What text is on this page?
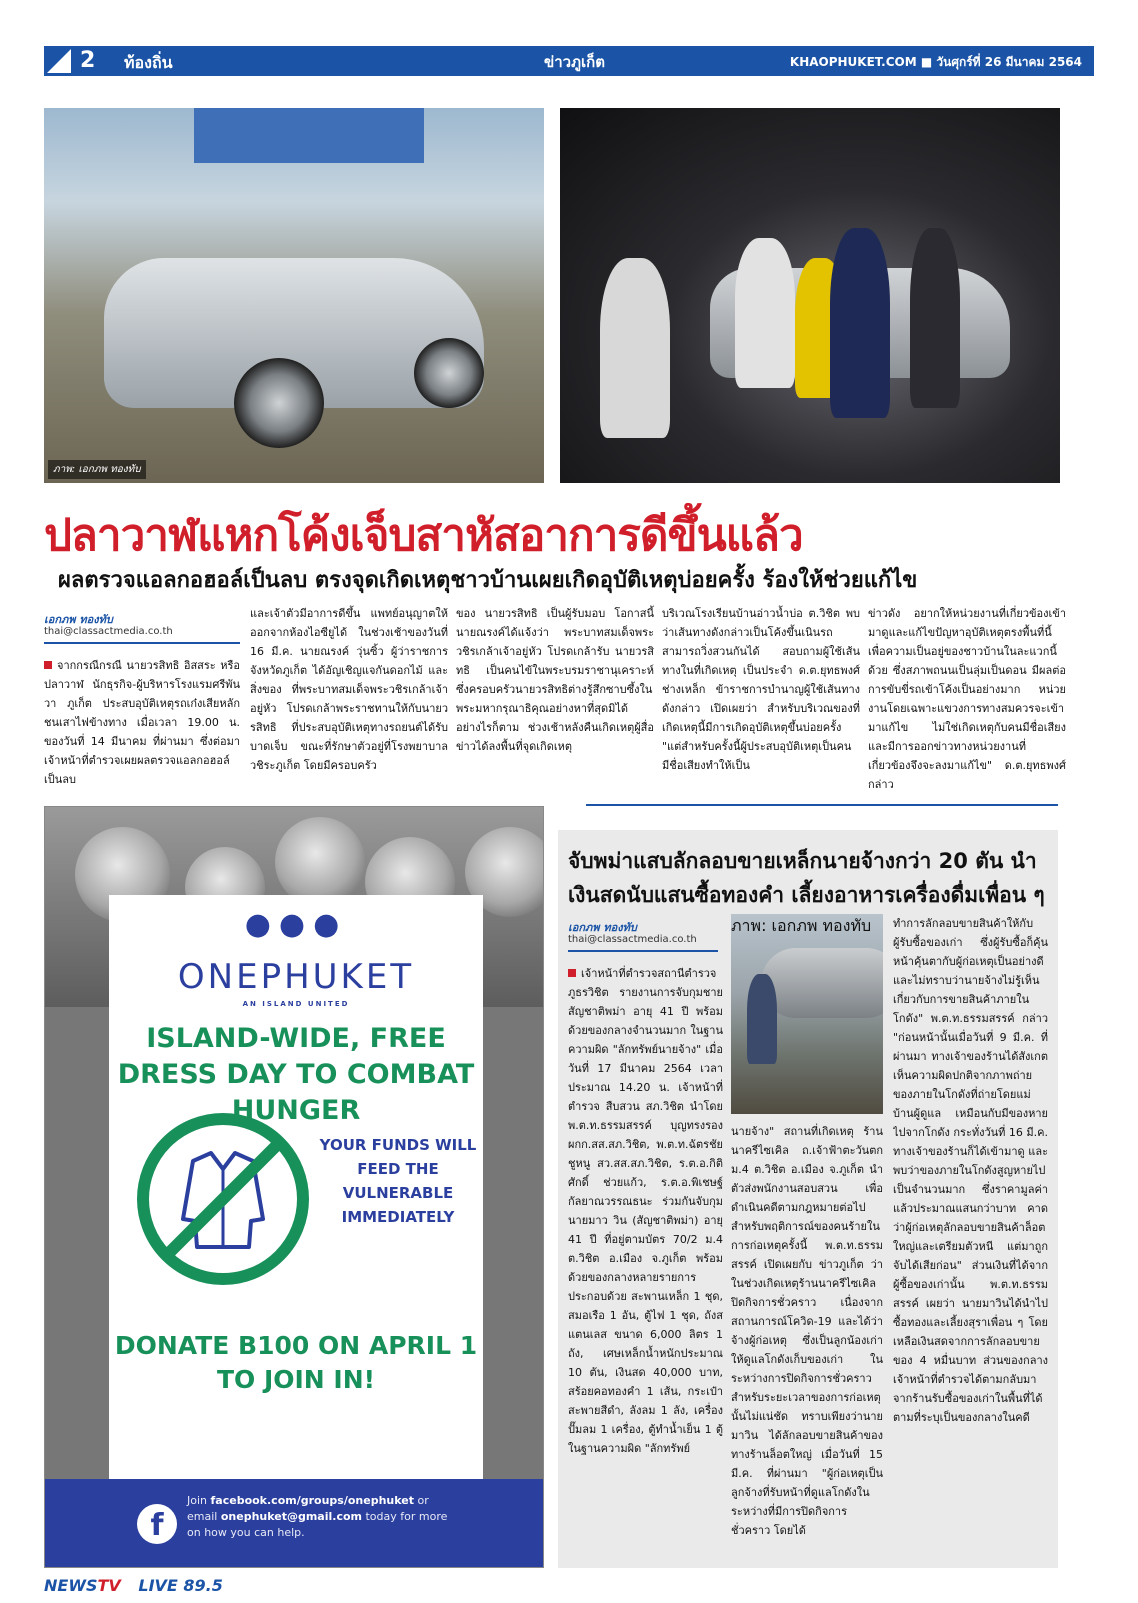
2 ท้องถิ่น	ข่าวภูเก็ต	KHAOPHUKET.COM ■ วันศุกร์ที่ 26 มีนาคม 2564
ภาพ: เอกภพ ทองทับ
ปลาวาฬแหกโค้งเจ็บสาหัสอาการดีขึ้นแล้ว
ผลตรวจแอลกอฮอล์เป็นลบ ตรงจุดเกิดเหตุชาวบ้านเผยเกิดอุบัติเหตุบ่อยครั้ง ร้องให้ช่วยแก้ไข
เอกภพ ทองทับ
thai@classactmedia.co.th
จากกรณีกรณี นายวรสิทธิ อิสสระ หรือ ปลาวาฬ นักธุรกิจ-ผู้บริหารโรงแรมศรีพันวา ภูเก็ต ประสบอุบัติเหตุรถเก๋งเสียหลักชนเสาไฟข้างทาง เมื่อเวลา 19.00 น. ของวันที่ 14 มีนาคม ที่ผ่านมา ซึ่งต่อมาเจ้าหน้าที่ตำรวจเผยผลตรวจแอลกอฮอล์เป็นลบ
และเจ้าตัวมีอาการดีขึ้น แพทย์อนุญาตให้ออกจากห้องไอซียูได้ ในช่วงเช้าของวันที่ 16 มี.ค. นายณรงค์ วุ่นซิ้ว ผู้ว่าราชการจังหวัดภูเก็ต ได้อัญเชิญแจกันดอกไม้ และสิ่งของ ที่พระบาทสมเด็จพระวชิรเกล้าเจ้าอยู่หัว โปรดเกล้าพระราชทานให้กับนายวรสิทธิ ที่ประสบอุบัติเหตุทางรถยนต์ได้รับบาดเจ็บ ขณะที่รักษาตัวอยู่ที่โรงพยาบาลวชิระภูเก็ต โดยมีครอบครัว
ของ นายวรสิทธิ เป็นผู้รับมอบ โอกาสนี้ นายณรงค์ได้แจ้งว่า พระบาทสมเด็จพระวชิรเกล้าเจ้าอยู่หัว โปรดเกล้ารับ นายวรสิทธิ เป็นคนไข้ในพระบรมราชานุเคราะห์ ซึ่งครอบครัวนายวรสิทธิต่างรู้สึกซาบซึ้งในพระมหากรุณาธิคุณอย่างหาที่สุดมิได้ อย่างไรก็ตาม ช่วงเช้าหลังคืนเกิดเหตุผู้สื่อข่าวได้ลงพื้นที่จุดเกิดเหตุ
บริเวณโรงเรียนบ้านอ่าวน้ำบ่อ ต.วิชิต พบว่าเส้นทางดังกล่าวเป็นโค้งขึ้นเนินรถสามารถวิ่งสวนกันได้ สอบถามผู้ใช้เส้นทางในที่เกิดเหตุ เป็นประจำ ด.ต.ยุทธพงศ์ ช่างเหล็ก ข้าราชการบำนาญผู้ใช้เส้นทางดังกล่าว เปิดเผยว่า สำหรับบริเวณของที่เกิดเหตุนี้มีการเกิดอุบัติเหตุขึ้นบ่อยครั้ง "แต่สำหรับครั้งนี้ผู้ประสบอุบัติเหตุเป็นคนมีชื่อเสียงทำให้เป็น
ข่าวดัง อยากให้หน่วยงานที่เกี่ยวข้องเข้ามาดูและแก้ไขปัญหาอุบัติเหตุตรงพื้นที่นี้ เพื่อความเป็นอยู่ของชาวบ้านในละแวกนี้ด้วย ซึ่งสภาพถนนเป็นลุ่มเป็นดอน มีผลต่อการขับขี่รถเข้าโค้งเป็นอย่างมาก หน่วยงานโดยเฉพาะแขวงการทางสมควรจะเข้ามาแก้ไข ไม่ใช่เกิดเหตุกับคนมีชื่อเสียง และมีการออกข่าวทางหน่วยงานที่เกี่ยวข้องจึงจะลงมาแก้ไข" ด.ต.ยุทธพงศ์ กล่าว
●●●
ONEPHUKET
AN ISLAND UNITED
ISLAND-WIDE, FREE DRESS DAY TO COMBAT HUNGER
YOUR FUNDS WILL FEED THE VULNERABLE IMMEDIATELY
DONATE B100 ON APRIL 1 TO JOIN IN!
f
Join facebook.com/groups/onephuket or email onephuket@gmail.com today for more on how you can help.
จับพม่าแสบลักลอบขายเหล็กนายจ้างกว่า 20 ตัน นำเงินสดนับแสนซื้อทองคำ เลี้ยงอาหารเครื่องดื่มเพื่อน ๆ
เอกภพ ทองทับ
thai@classactmedia.co.th
ภาพ: เอกภพ ทองทับ
เจ้าหน้าที่ตำรวจสถานีตำรวจภูธรวิชิต รายงานการจับกุมชายสัญชาติพม่า อายุ 41 ปี พร้อมด้วยของกลางจำนวนมาก ในฐานความผิด "ลักทรัพย์นายจ้าง" เมื่อวันที่ 17 มีนาคม 2564 เวลาประมาณ 14.20 น. เจ้าหน้าที่ตำรวจ สืบสวน สภ.วิชิต นำโดย พ.ต.ท.ธรรมสรรค์ บุญทรงรอง ผกก.สส.สภ.วิชิต, พ.ต.ท.ฉัตรชัย ชูหนู สว.สส.สภ.วิชิต, ร.ต.อ.กิติศักดิ์ ช่วยแก้ว, ร.ต.อ.พิเชษฐ์ กัลยาณวรรณธนะ ร่วมกันจับกุม นายมาว วิน (สัญชาติพม่า) อายุ 41 ปี ที่อยู่ตามบัตร 70/2 ม.4 ต.วิชิต อ.เมือง จ.ภูเก็ต พร้อมด้วยของกลางหลายรายการ ประกอบด้วย สะพานเหล็ก 1 ชุด, สมอเรือ 1 อัน, ตู้ไฟ 1 ชุด, ถังสแตนเลส ขนาด 6,000 ลิตร 1 ถัง, เศษเหล็กน้ำหนักประมาณ 10 ตัน, เงินสด 40,000 บาท, สร้อยคอทองคำ 1 เส้น, กระเป๋าสะพายสีดำ, ลังลม 1 ลัง, เครื่องปั๊มลม 1 เครื่อง, ตู้ทำน้ำเย็น 1 ตู้ ในฐานความผิด "ลักทรัพย์
นายจ้าง" สถานที่เกิดเหตุ ร้านนาครีไซเคิล ถ.เจ้าฟ้าตะวันตก ม.4 ต.วิชิต อ.เมือง จ.ภูเก็ต นำตัวส่งพนักงานสอบสวน เพื่อดำเนินคดีตามกฎหมายต่อไป สำหรับพฤติการณ์ของคนร้ายในการก่อเหตุครั้งนี้ พ.ต.ท.ธรรมสรรค์ เปิดเผยกับ ข่าวภูเก็ต ว่า ในช่วงเกิดเหตุร้านนาครีไซเคิล ปิดกิจการชั่วคราว เนื่องจากสถานการณ์โควิด-19 และได้ว่าจ้างผู้ก่อเหตุ ซึ่งเป็นลูกน้องเก่าให้ดูแลโกดังเก็บของเก่า ในระหว่างการปิดกิจการชั่วคราว สำหรับระยะเวลาของการก่อเหตุนั้นไม่แน่ชัด ทราบเพียงว่านาย มาวิน ได้ลักลอบขายสินค้าของทางร้านล็อตใหญ่ เมื่อวันที่ 15 มี.ค. ที่ผ่านมา "ผู้ก่อเหตุเป็นลูกจ้างที่รับหน้าที่ดูแลโกดังในระหว่างที่มีการปิดกิจการชั่วคราว โดยได้
ทำการลักลอบขายสินค้าให้กับผู้รับซื้อของเก่า ซึ่งผู้รับซื้อก็คุ้นหน้าคุ้นตากับผู้ก่อเหตุเป็นอย่างดี และไม่ทราบว่านายจ้างไม่รู้เห็นเกี่ยวกับการขายสินค้าภายในโกดัง" พ.ต.ท.ธรรมสรรค์ กล่าว "ก่อนหน้านั้นเมื่อวันที่ 9 มี.ค. ที่ผ่านมา ทางเจ้าของร้านได้สังเกตเห็นความผิดปกติจากภาพถ่ายของภายในโกดังที่ถ่ายโดยแม่บ้านผู้ดูแล เหมือนกับมีของหายไปจากโกดัง กระทั่งวันที่ 16 มี.ค. ทางเจ้าของร้านก็ได้เข้ามาดู และพบว่าของภายในโกดังสูญหายไปเป็นจำนวนมาก ซึ่งราคามูลค่าแล้วประมาณแสนกว่าบาท คาดว่าผู้ก่อเหตุลักลอบขายสินค้าล็อตใหญ่และเตรียมตัวหนี แต่มาถูกจับได้เสียก่อน" ส่วนเงินที่ได้จากผู้ซื้อของเก่านั้น พ.ต.ท.ธรรมสรรค์ เผยว่า นายมาวินได้นำไปซื้อทองและเลี้ยงสุราเพื่อน ๆ โดยเหลือเงินสดจากการลักลอบขายของ 4 หมื่นบาท ส่วนของกลางเจ้าหน้าที่ตำรวจได้ตามกลับมาจากร้านรับซื้อของเก่าในพื้นที่ได้ ตามที่ระบุเป็นของกลางในคดี
NEWSTV LIVE 89.5
